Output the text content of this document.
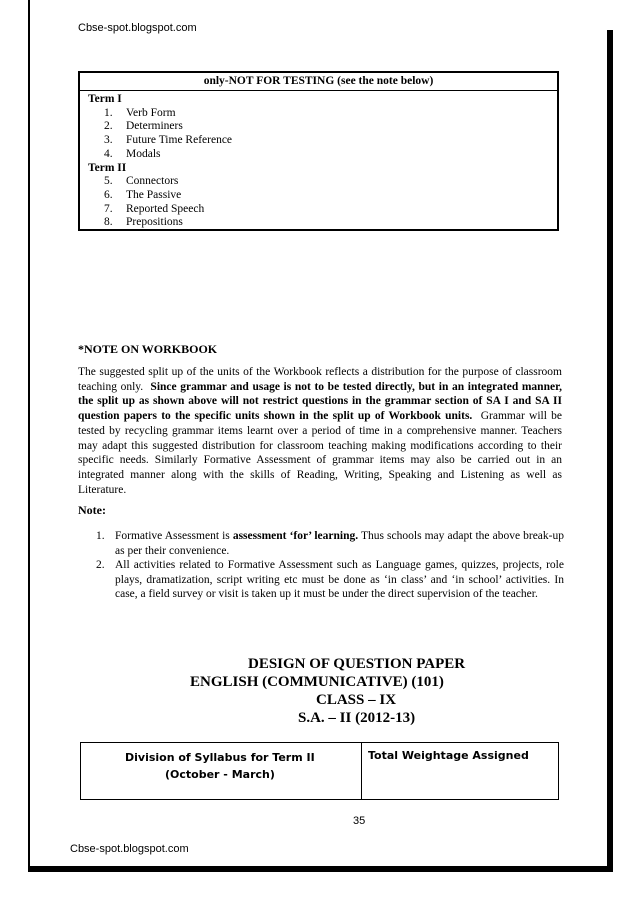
Cbse-spot.blogspot.com
only-NOT FOR TESTING (see the note below)
Term I
1. Verb Form
2. Determiners
3. Future Time Reference
4. Modals
Term II
5. Connectors
6. The Passive
7. Reported Speech
8. Prepositions
*NOTE ON WORKBOOK
The suggested split up of the units of the Workbook reflects a distribution for the purpose of classroom teaching only. Since grammar and usage is not to be tested directly, but in an integrated manner, the split up as shown above will not restrict questions in the grammar section of SA I and SA II question papers to the specific units shown in the split up of Workbook units. Grammar will be tested by recycling grammar items learnt over a period of time in a comprehensive manner. Teachers may adapt this suggested distribution for classroom teaching making modifications according to their specific needs. Similarly Formative Assessment of grammar items may also be carried out in an integrated manner along with the skills of Reading, Writing, Speaking and Listening as well as Literature.
Note:
1. Formative Assessment is assessment ‘for’ learning. Thus schools may adapt the above break-up as per their convenience.
2. All activities related to Formative Assessment such as Language games, quizzes, projects, role plays, dramatization, script writing etc must be done as ‘in class’ and ‘in school’ activities. In case, a field survey or visit is taken up it must be under the direct supervision of the teacher.
DESIGN OF QUESTION PAPER
ENGLISH (COMMUNICATIVE) (101)
CLASS – IX
S.A. – II (2012-13)
Division of Syllabus for Term II
(October - March)
Total Weightage Assigned
35
Cbse-spot.blogspot.com
